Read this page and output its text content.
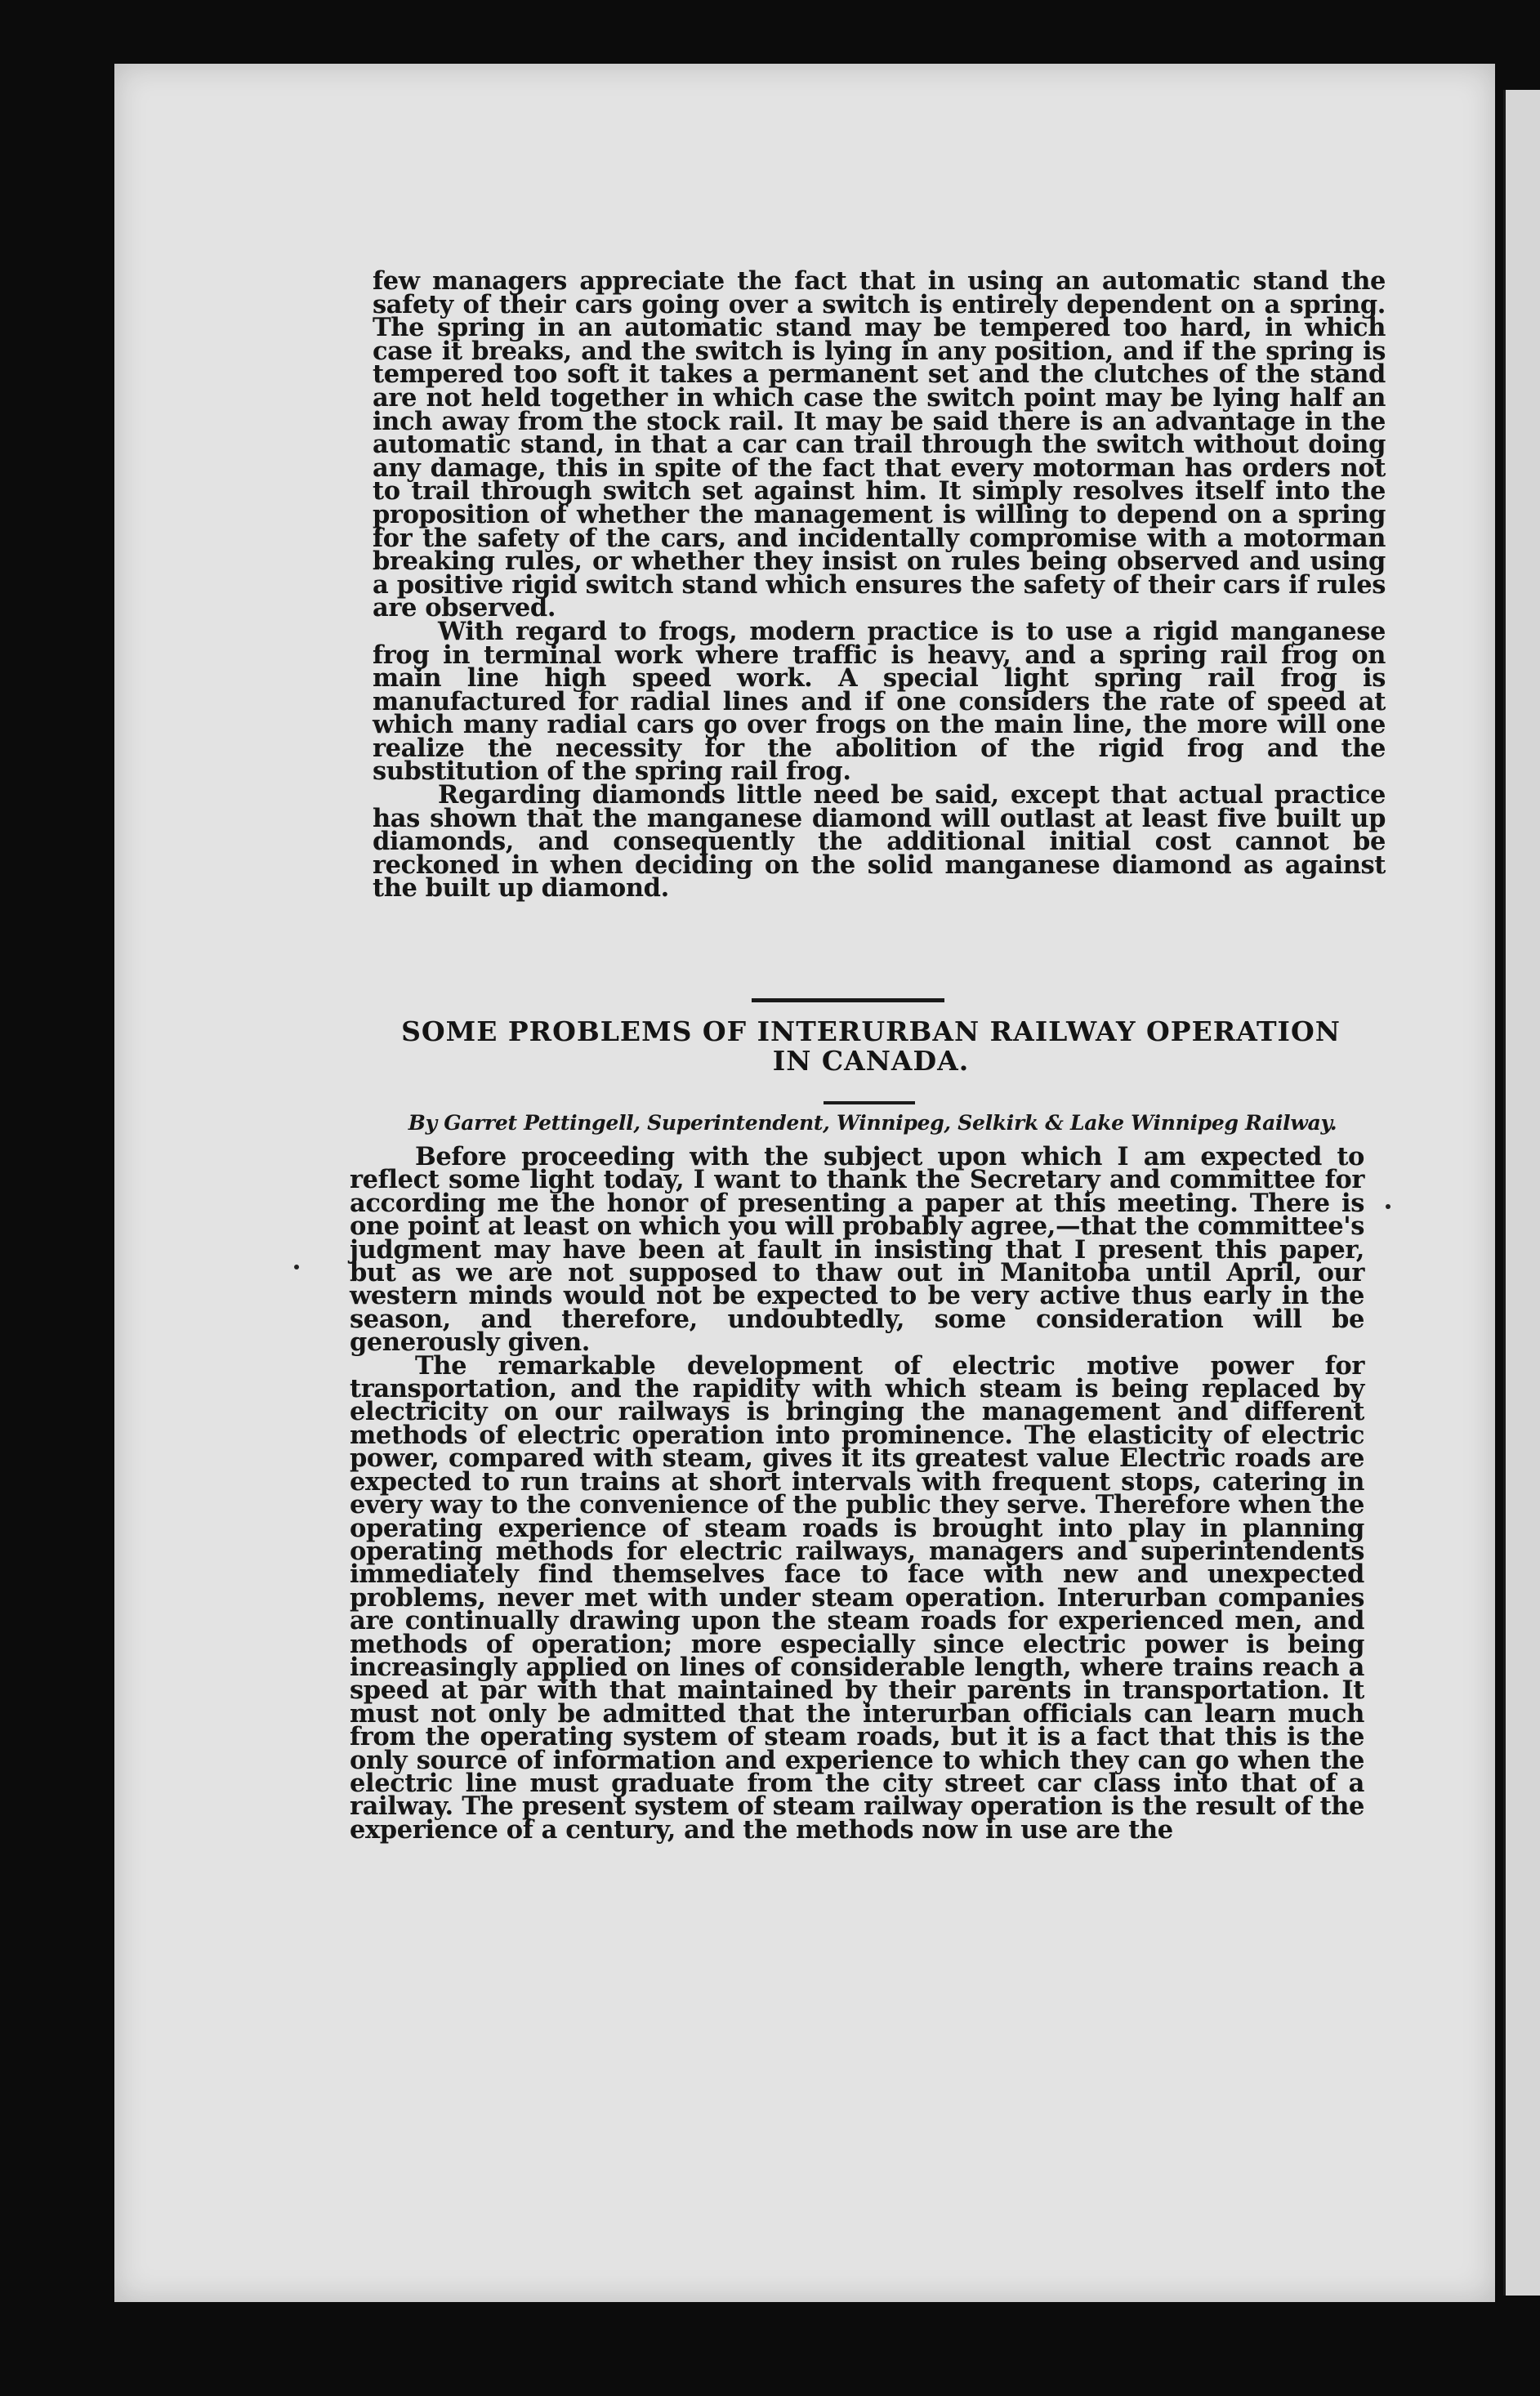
few managers appreciate the fact that in using an automatic stand the safety of their cars going over a switch is entirely dependent on a spring. The spring in an automatic stand may be tempered too hard, in which case it breaks, and the switch is lying in any position, and if the spring is tempered too soft it takes a permanent set and the clutches of the stand are not held together in which case the switch point may be lying half an inch away from the stock rail. It may be said there is an advantage in the automatic stand, in that a car can trail through the switch without doing any damage, this in spite of the fact that every motorman has orders not to trail through switch set against him. It simply resolves itself into the proposition of whether the management is willing to depend on a spring for the safety of the cars, and incidentally compromise with a motorman breaking rules, or whether they insist on rules being observed and using a positive rigid switch stand which ensures the safety of their cars if rules are observed.

With regard to frogs, modern practice is to use a rigid manganese frog in terminal work where traffic is heavy, and a spring rail frog on main line high speed work. A special light spring rail frog is manufactured for radial lines and if one considers the rate of speed at which many radial cars go over frogs on the main line, the more will one realize the necessity for the abolition of the rigid frog and the substitution of the spring rail frog.

Regarding diamonds little need be said, except that actual practice has shown that the manganese diamond will outlast at least five built up diamonds, and consequently the additional initial cost cannot be reckoned in when deciding on the solid manganese diamond as against the built up diamond.

SOME PROBLEMS OF INTERURBAN RAILWAY OPERATION
IN CANADA.
By Garret Pettingell, Superintendent, Winnipeg, Selkirk & Lake Winnipeg Railway.

Before proceeding with the subject upon which I am expected to reflect some light today, I want to thank the Secretary and committee for according me the honor of presenting a paper at this meeting. There is one point at least on which you will probably agree,—that the committee's judgment may have been at fault in insisting that I present this paper, but as we are not supposed to thaw out in Manitoba until April, our western minds would not be expected to be very active thus early in the season, and therefore, undoubtedly, some consideration will be generously given.

The remarkable development of electric motive power for transportation, and the rapidity with which steam is being replaced by electricity on our railways is bringing the management and different methods of electric operation into prominence. The elasticity of electric power, compared with steam, gives it its greatest value Electric roads are expected to run trains at short intervals with frequent stops, catering in every way to the convenience of the public they serve. Therefore when the operating experience of steam roads is brought into play in planning operating methods for electric railways, managers and superintendents immediately find themselves face to face with new and unexpected problems, never met with under steam operation. Interurban companies are continually drawing upon the steam roads for experienced men, and methods of operation; more especially since electric power is being increasingly applied on lines of considerable length, where trains reach a speed at par with that maintained by their parents in transportation. It must not only be admitted that the interurban officials can learn much from the operating system of steam roads, but it is a fact that this is the only source of information and experience to which they can go when the electric line must graduate from the city street car class into that of a railway. The present system of steam railway operation is the result of the experience of a century, and the methods now in use are the
